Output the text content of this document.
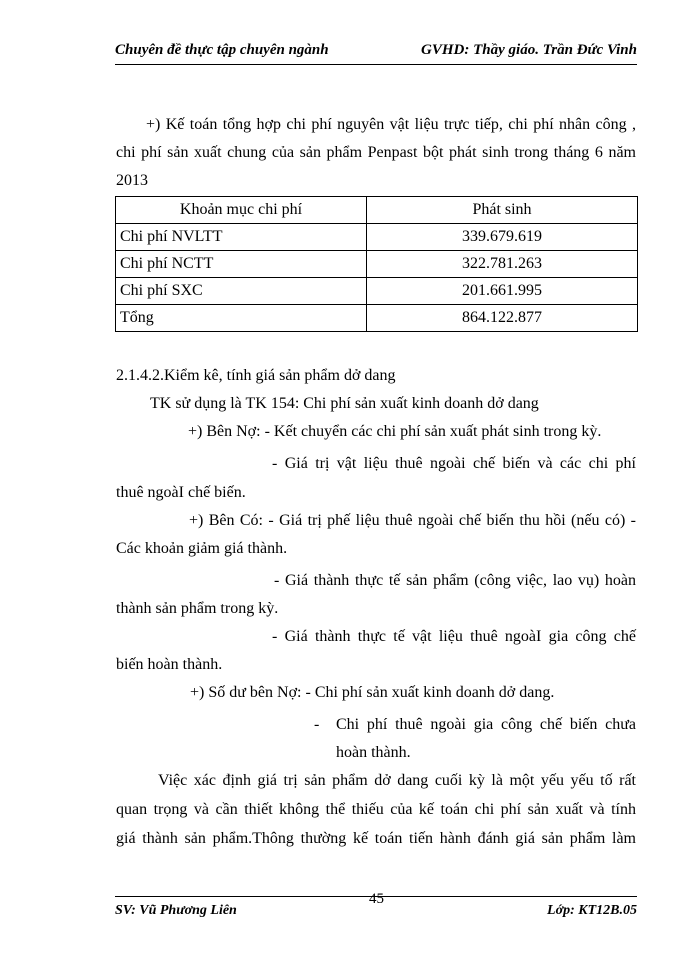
Chuyên đề thực tập chuyên ngành	GVHD: Thầy giáo. Trần Đức Vinh
+) Kế toán tổng hợp chi phí nguyên vật liệu trực tiếp, chi phí nhân công ,
chi phí sản xuất chung của sản phẩm Penpast bột phát sinh trong tháng 6 năm
2013
Khoản mục chi phí	Phát sinh
Chi phí NVLTT	339.679.619
Chi phí NCTT	322.781.263
Chi phí SXC	201.661.995
Tổng	864.122.877
2.1.4.2.Kiểm kê, tính giá sản phẩm dở dang
TK sử dụng là TK 154: Chi phí sản xuất kinh doanh dở dang
+) Bên Nợ: - Kết chuyển các chi phí sản xuất phát sinh trong kỳ.
- Giá trị vật liệu thuê ngoài chế biến và các chi phí
thuê ngoàI chế biến.
+) Bên Có: - Giá trị phế liệu thuê ngoài chế biến thu hồi (nếu có) -
Các khoản giảm giá thành.
- Giá thành thực tế sản phẩm (công việc, lao vụ) hoàn
thành sản phẩm trong kỳ.
- Giá thành thực tế vật liệu thuê ngoàI gia công chế
biến hoàn thành.
+) Số dư bên Nợ: - Chi phí sản xuất kinh doanh dở dang.
- Chi phí thuê ngoài gia công chế biến chưa
hoàn thành.
Việc xác định giá trị sản phẩm dở dang cuối kỳ là một yếu yếu tố rất
quan trọng và cần thiết không thể thiếu của kế toán chi phí sản xuất và tính
giá thành sản phẩm.Thông thường kế toán tiến hành đánh giá sản phẩm làm
SV: Vũ Phương Liên
45
Lớp: KT12B.05
